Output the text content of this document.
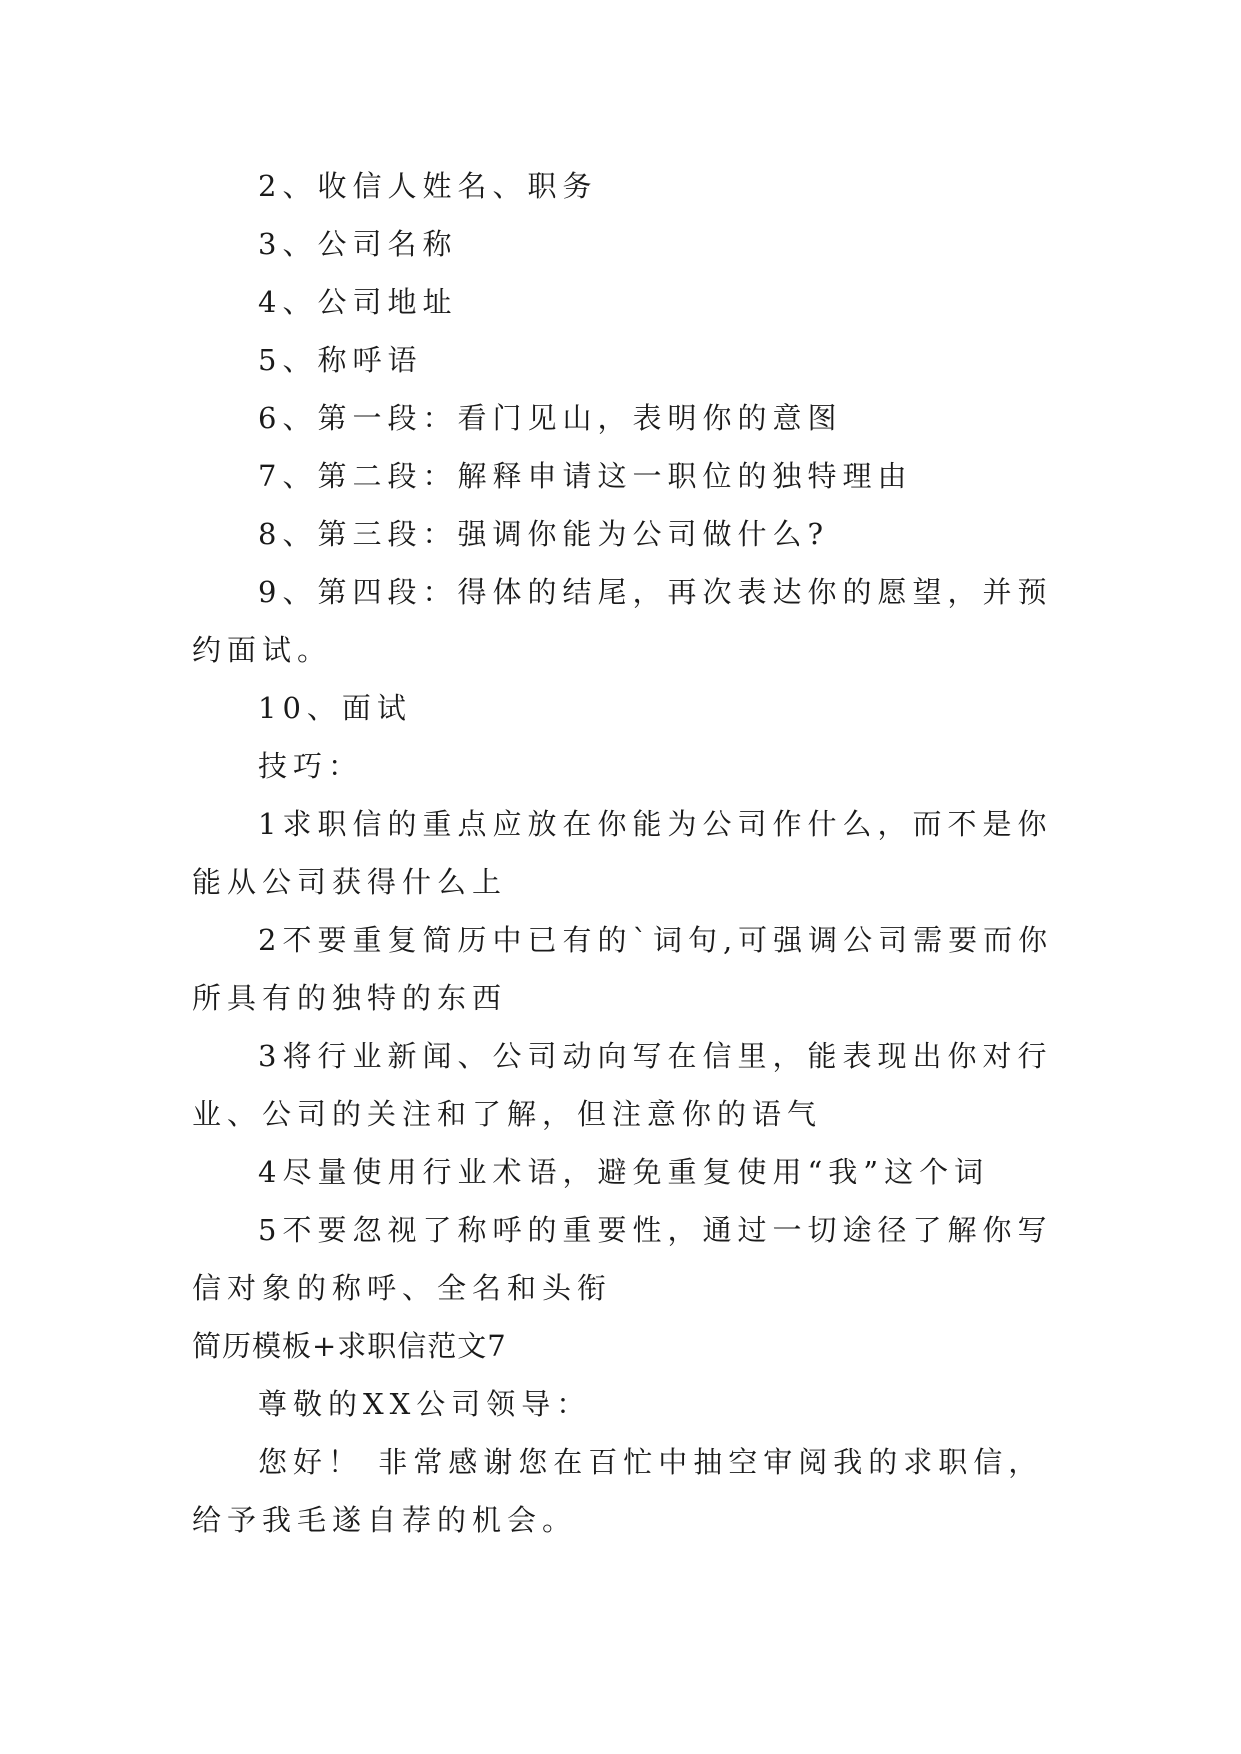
2、收信人姓名、职务

3、公司名称

4、公司地址

5、称呼语

6、第一段：看门见山，表明你的意图

7、第二段：解释申请这一职位的独特理由

8、第三段：强调你能为公司做什么?

9、第四段：得体的结尾，再次表达你的愿望，并预约面试。

10、面试

技巧：

1求职信的重点应放在你能为公司作什么，而不是你能从公司获得什么上

2不要重复简历中已有的`词句,可强调公司需要而你所具有的独特的东西

3将行业新闻、公司动向写在信里，能表现出你对行业、公司的关注和了解，但注意你的语气

4尽量使用行业术语，避免重复使用“我”这个词

5不要忽视了称呼的重要性，通过一切途径了解你写信对象的称呼、全名和头衔

简历模板+求职信范文7

尊敬的XX公司领导：

您好！ 非常感谢您在百忙中抽空审阅我的求职信，给予我毛遂自荐的机会。
